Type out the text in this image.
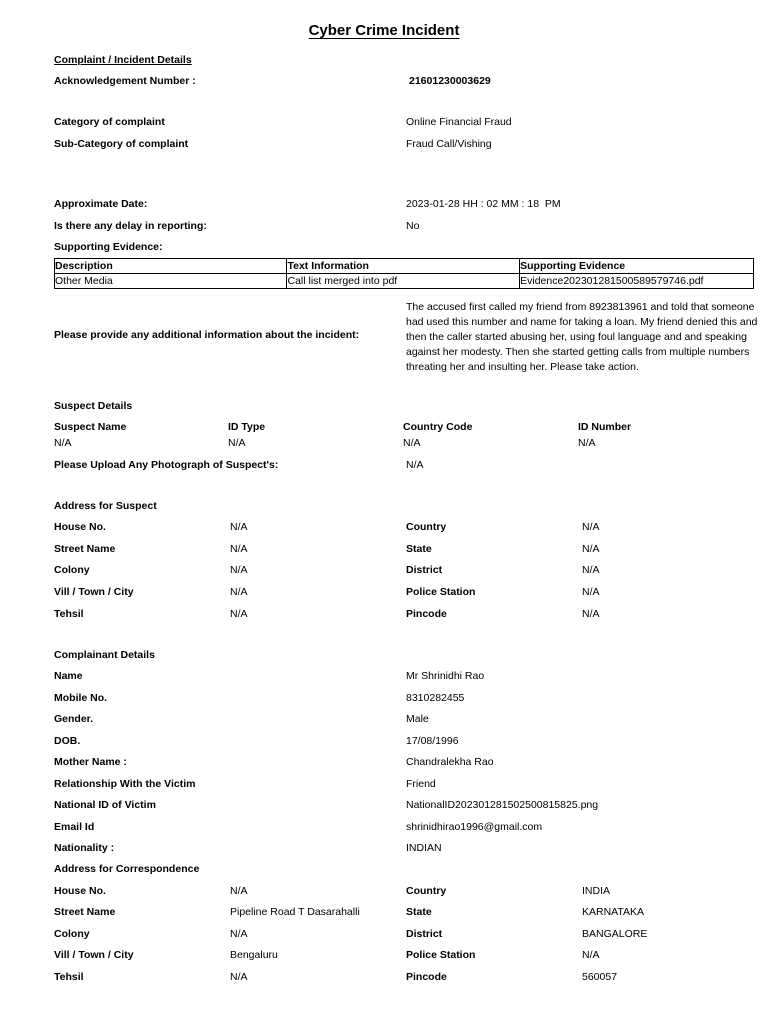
Cyber Crime Incident
Complaint / Incident Details
Acknowledgement Number :	21601230003629
Category of complaint	Online Financial Fraud
Sub-Category of complaint	Fraud Call/Vishing
Approximate Date:	2023-01-28 HH : 02 MM : 18  PM
Is there any delay in reporting:	No
Supporting Evidence:
Description	Text Information	Supporting Evidence
Other Media	Call list merged into pdf	Evidence20230128150058957974​6.pdf
Please provide any additional information about the incident:
The accused first called my friend from 8923813961 and told that someone had used this number and name for taking a loan. My friend denied this and then the caller started abusing her, using foul language and and speaking against her modesty. Then she started getting calls from multiple numbers threating her and insulting her. Please take action.
Suspect Details
Suspect Name	ID Type	Country Code	ID Number
N/A	N/A	N/A	N/A
Please Upload Any Photograph of Suspect's:	N/A
Address for Suspect
House No.	N/A	Country	N/A
Street Name	N/A	State	N/A
Colony	N/A	District	N/A
Vill / Town / City	N/A	Police Station	N/A
Tehsil	N/A	Pincode	N/A
Complainant Details
Name	Mr Shrinidhi Rao
Mobile No.	8310282455
Gender.	Male
DOB.	17/08/1996
Mother Name :	Chandralekha Rao
Relationship With the Victim	Friend
National ID of Victim	NationalID20230128150250081582​5.png
Email Id	shrinidhirao1996@gmail.com
Nationality :	INDIAN
Address for Correspondence
House No.	N/A	Country	INDIA
Street Name	Pipeline Road T Dasarahalli	State	KARNATAKA
Colony	N/A	District	BANGALORE
Vill / Town / City	Bengaluru	Police Station	N/A
Tehsil	N/A	Pincode	560057
